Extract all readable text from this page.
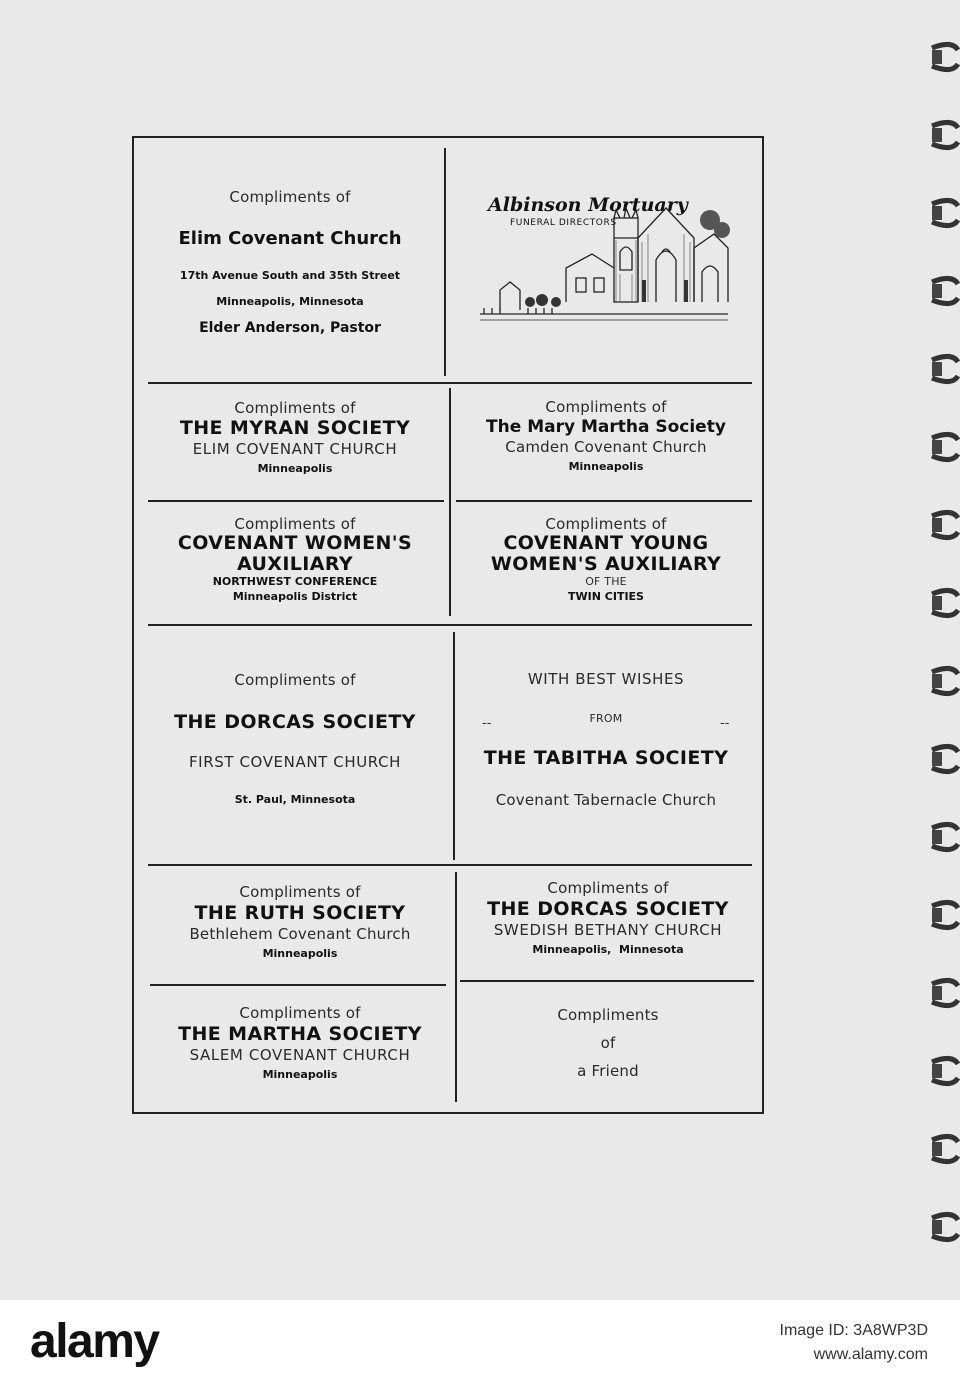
Compliments of
Elim Covenant Church
17th Avenue South and 35th Street
Minneapolis, Minnesota
Elder Anderson, Pastor
Albinson Mortuary
FUNERAL DIRECTORS
Compliments of
THE MYRAN SOCIETY
ELIM COVENANT CHURCH
Minneapolis
Compliments of
The Mary Martha Society
Camden Covenant Church
Minneapolis
Compliments of
COVENANT WOMEN'S
AUXILIARY
NORTHWEST CONFERENCE
Minneapolis District
Compliments of
COVENANT YOUNG
WOMEN'S AUXILIARY
OF THE
TWIN CITIES
Compliments of
THE DORCAS SOCIETY
FIRST COVENANT CHURCH
St. Paul, Minnesota
WITH BEST WISHES
FROM
THE TABITHA SOCIETY
Covenant Tabernacle Church
--	--
Compliments of
THE RUTH SOCIETY
Bethlehem Covenant Church
Minneapolis
Compliments of
THE DORCAS SOCIETY
SWEDISH BETHANY CHURCH
Minneapolis,  Minnesota
Compliments of
THE MARTHA SOCIETY
SALEM COVENANT CHURCH
Minneapolis
Compliments
of
a Friend
alamy	Image ID: 3A8WP3D
www.alamy.com
